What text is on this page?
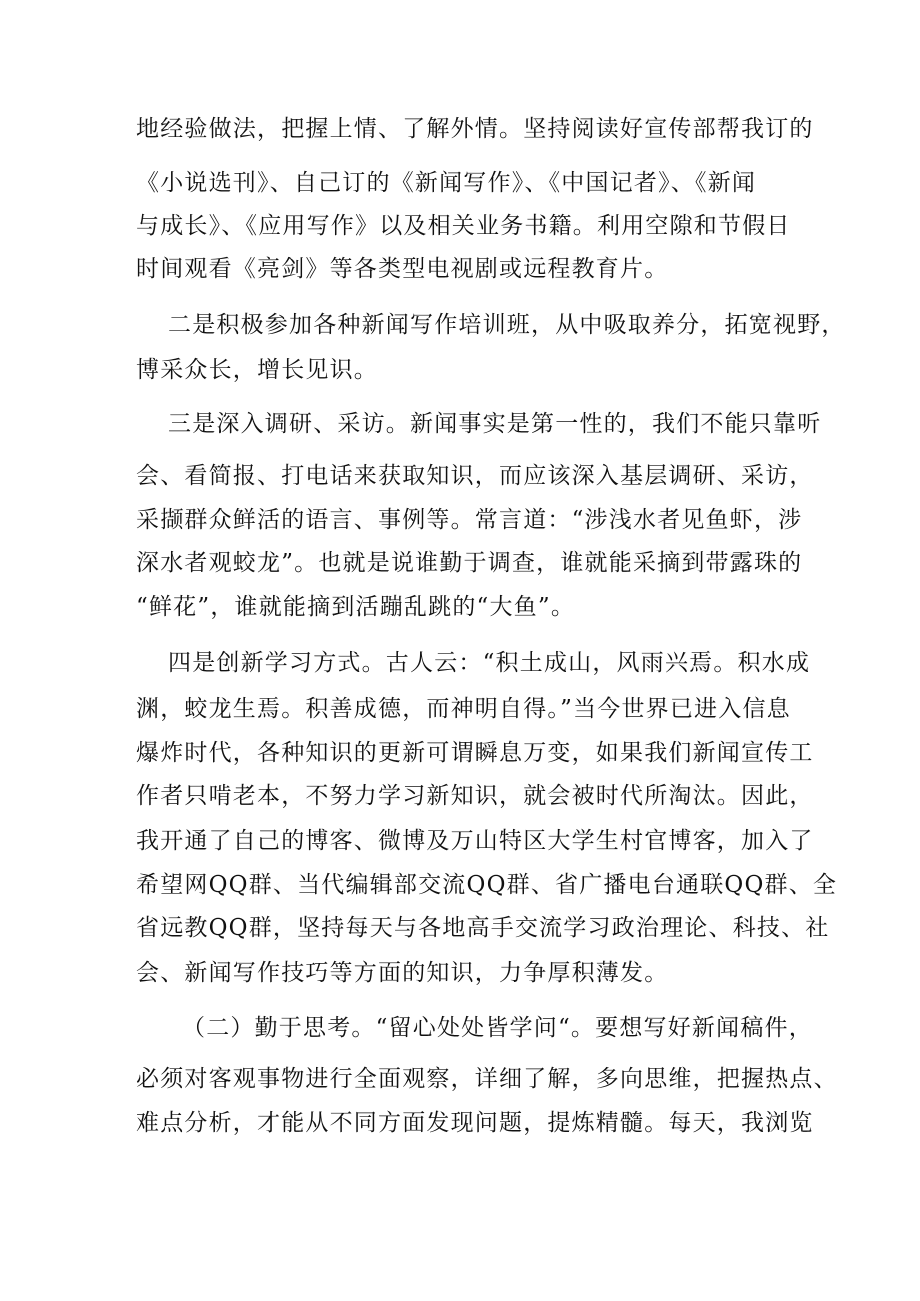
地经验做法，把握上情、了解外情。坚持阅读好宣传部帮我订的
《小说选刊》、自己订的《新闻写作》、《中国记者》、《新闻
与成长》、《应用写作》以及相关业务书籍。利用空隙和节假日
时间观看《亮剑》等各类型电视剧或远程教育片。
二是积极参加各种新闻写作培训班，从中吸取养分，拓宽视野，
博采众长，增长见识。
三是深入调研、采访。新闻事实是第一性的，我们不能只靠听
会、看简报、打电话来获取知识，而应该深入基层调研、采访，
采撷群众鲜活的语言、事例等。常言道：“涉浅水者见鱼虾，涉
深水者观蛟龙”。也就是说谁勤于调查，谁就能采摘到带露珠的
“鲜花”，谁就能摘到活蹦乱跳的“大鱼”。
四是创新学习方式。古人云：“积土成山，风雨兴焉。积水成
渊，蛟龙生焉。积善成德，而神明自得。”当今世界已进入信息
爆炸时代，各种知识的更新可谓瞬息万变，如果我们新闻宣传工
作者只啃老本，不努力学习新知识，就会被时代所淘汰。因此，
我开通了自己的博客、微博及万山特区大学生村官博客，加入了
希望网QQ群、当代编辑部交流QQ群、省广播电台通联QQ群、全
省远教QQ群，坚持每天与各地高手交流学习政治理论、科技、社
会、新闻写作技巧等方面的知识，力争厚积薄发。
（二）勤于思考。“留心处处皆学问“。要想写好新闻稿件，
必须对客观事物进行全面观察，详细了解，多向思维，把握热点、
难点分析，才能从不同方面发现问题，提炼精髓。每天，我浏览
